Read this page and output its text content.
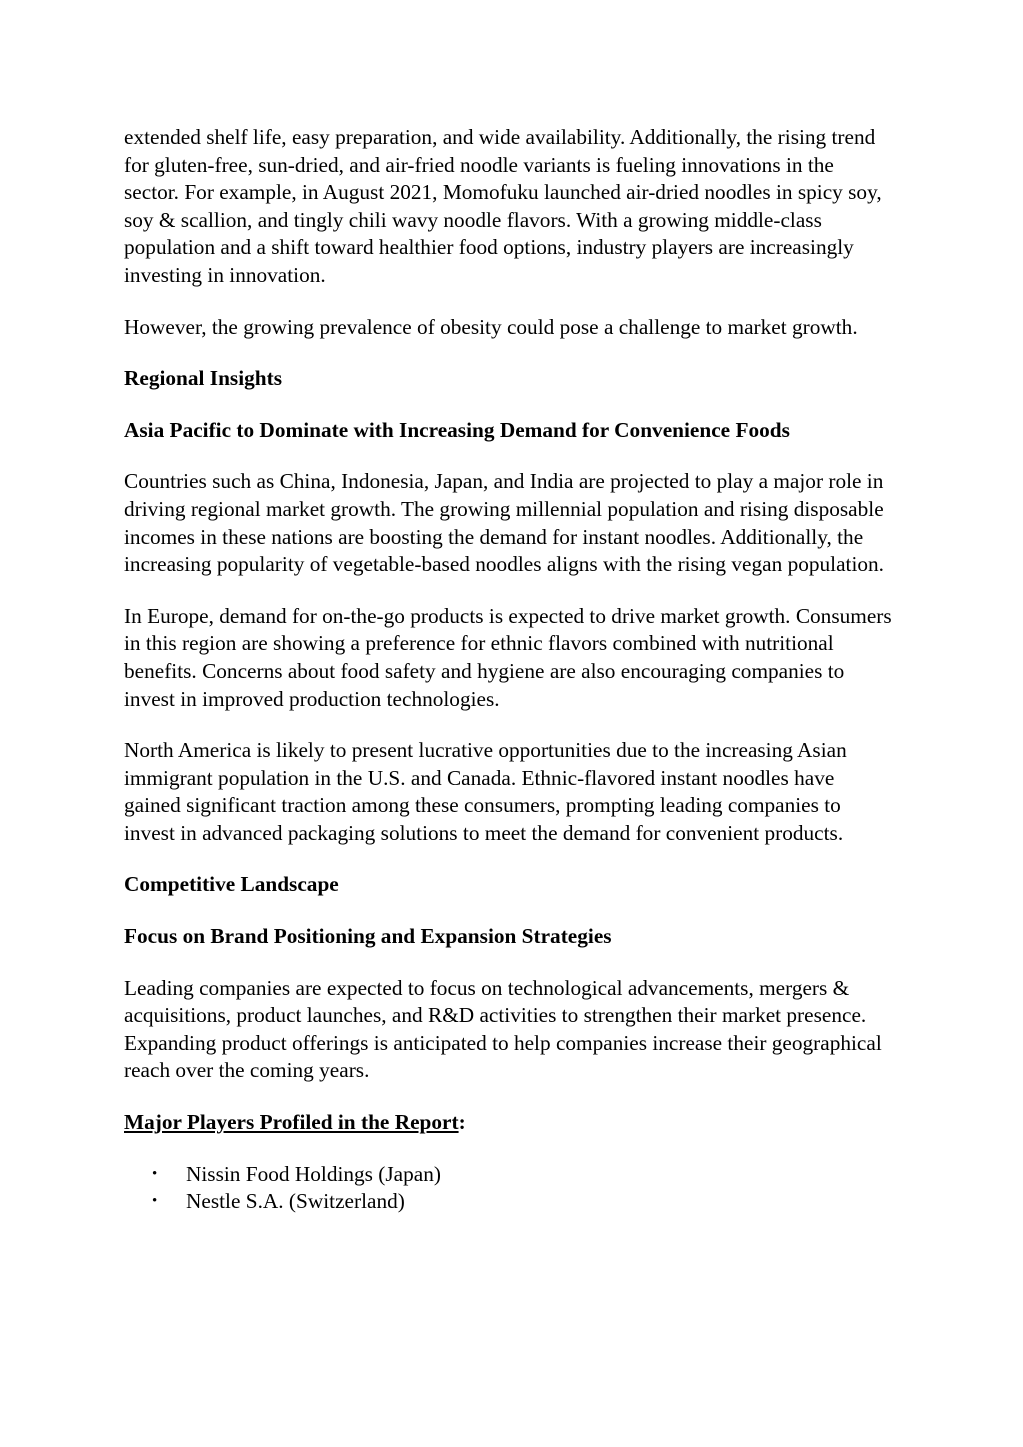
extended shelf life, easy preparation, and wide availability. Additionally, the rising trend for gluten-free, sun-dried, and air-fried noodle variants is fueling innovations in the sector. For example, in August 2021, Momofuku launched air-dried noodles in spicy soy, soy & scallion, and tingly chili wavy noodle flavors. With a growing middle-class population and a shift toward healthier food options, industry players are increasingly investing in innovation.

However, the growing prevalence of obesity could pose a challenge to market growth.

Regional Insights

Asia Pacific to Dominate with Increasing Demand for Convenience Foods

Countries such as China, Indonesia, Japan, and India are projected to play a major role in driving regional market growth. The growing millennial population and rising disposable incomes in these nations are boosting the demand for instant noodles. Additionally, the increasing popularity of vegetable-based noodles aligns with the rising vegan population.

In Europe, demand for on-the-go products is expected to drive market growth. Consumers in this region are showing a preference for ethnic flavors combined with nutritional benefits. Concerns about food safety and hygiene are also encouraging companies to invest in improved production technologies.

North America is likely to present lucrative opportunities due to the increasing Asian immigrant population in the U.S. and Canada. Ethnic-flavored instant noodles have gained significant traction among these consumers, prompting leading companies to invest in advanced packaging solutions to meet the demand for convenient products.

Competitive Landscape

Focus on Brand Positioning and Expansion Strategies

Leading companies are expected to focus on technological advancements, mergers & acquisitions, product launches, and R&D activities to strengthen their market presence. Expanding product offerings is anticipated to help companies increase their geographical reach over the coming years.

Major Players Profiled in the Report:

• Nissin Food Holdings (Japan)
• Nestle S.A. (Switzerland)
